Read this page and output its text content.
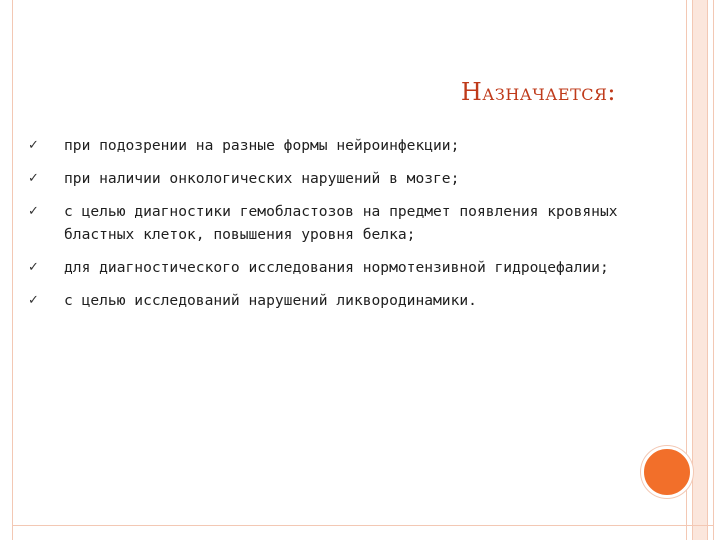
НАЗНАЧАЕТСЯ:
✓ при подозрении на разные формы нейроинфекции;
✓ при наличии онкологических нарушений в мозге;
✓ с целью диагностики гемобластозов на предмет появления кровяных бластных клеток, повышения уровня белка;
✓ для диагностического исследования нормотензивной гидроцефалии;
✓ с целью исследований нарушений ликвородинамики.
